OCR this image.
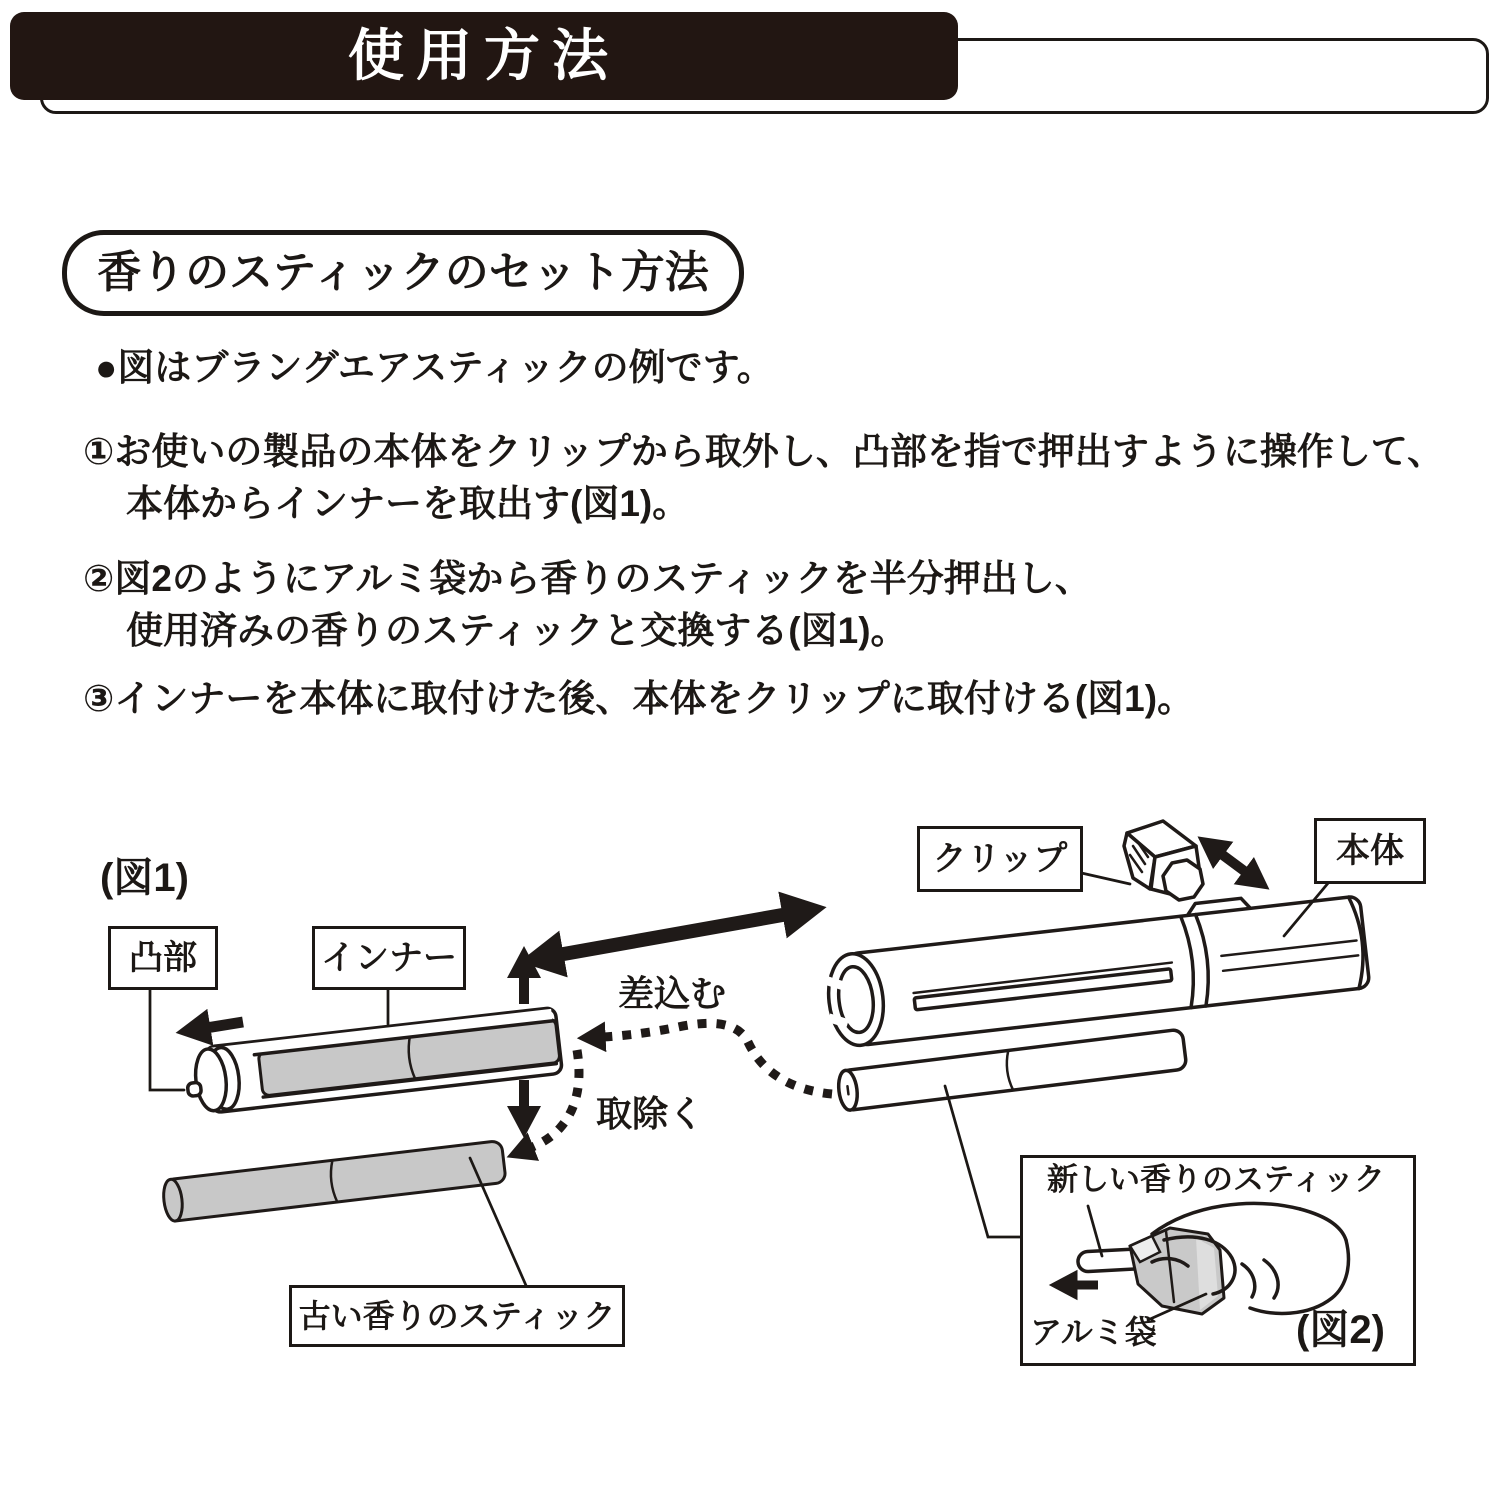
使用方法
香りのスティックのセット方法
●図はブラングエアスティックの例です。
①お使いの製品の本体をクリップから取外し、凸部を指で押出すように操作して、
本体からインナーを取出す(図1)。
②図2のようにアルミ袋から香りのスティックを半分押出し、
使用済みの香りのスティックと交換する(図1)。
③インナーを本体に取付けた後、本体をクリップに取付ける(図1)。
(図1)
凸部	インナー
クリップ	本体
古い香りのスティック
差込む
取除く
新しい香りのスティック
アルミ袋	(図2)
